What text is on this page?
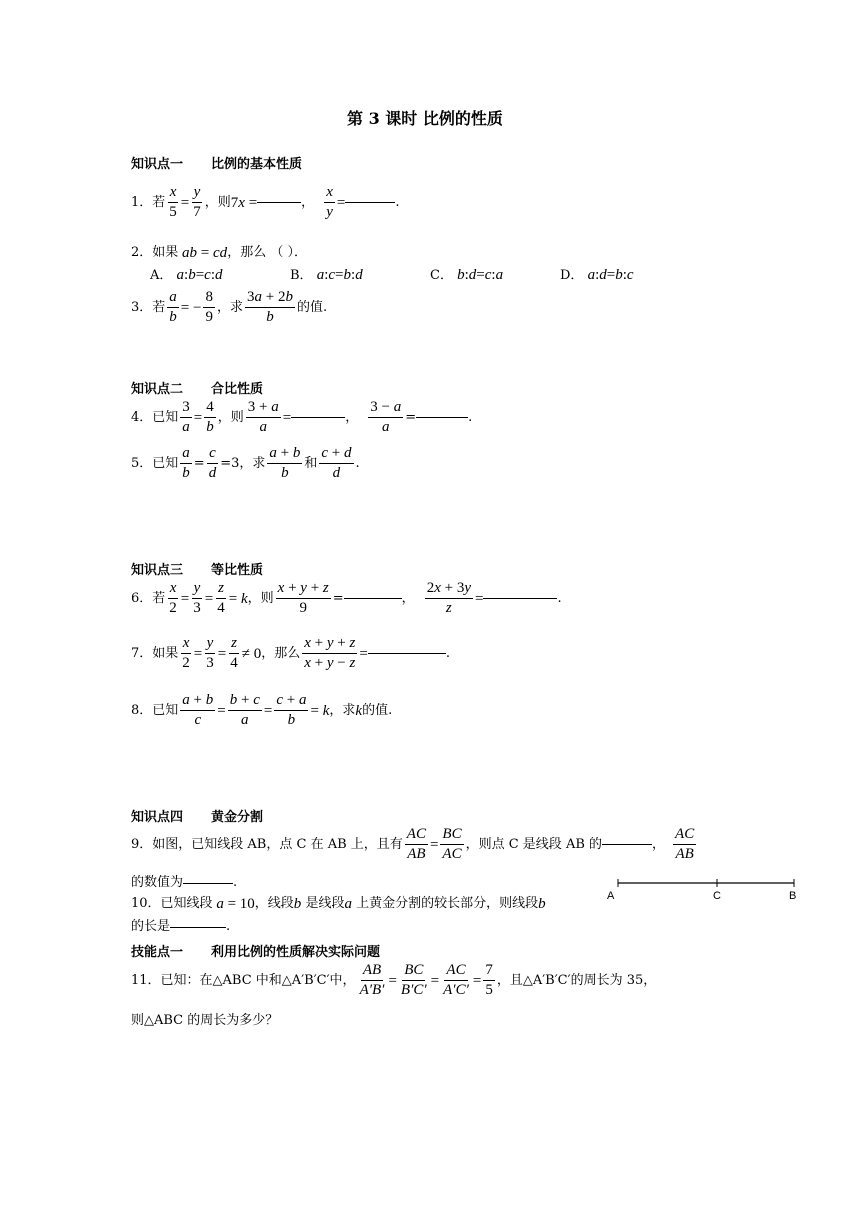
第 3 课时 比例的性质
知识点一 比例的基本性质
1． 若 $\frac{x}{5} = \frac{y}{7}$ ，则 7 x =	， $\frac{x}{y}$ =	.
2． 如果 ab = cd ，那么 （ ）．
A． a:b=c:d	B． a:c=b:d	C． b:d=c:a	D． a:d=b:c
3． 若 $\frac{a}{b}$ = − $\frac{8}{9}$ ，求 $\frac{3a + 2b}{b}$ 的值.
知识点二 合比性质
4． 已知 $\frac{3}{a} = \frac{4}{b}$ ，则 $\frac{3 + a}{a}$ =	， $\frac{3 - a}{a}$ =	.
5． 已知 $\frac{a}{b} = \frac{c}{d} =3$，求 $\frac{a + b}{b}$ 和 $\frac{c + d}{d}$ .
知识点三 等比性质
6． 若 $\frac{x}{2} = \frac{y}{3} = \frac{z}{4} = k$ ，则 $\frac{x + y + z}{9}$ =	， $\frac{2x + 3y}{z}$ =	.
7． 如果 $\frac{x}{2} = \frac{y}{3} = \frac{z}{4} \ne 0$ ，那么 $\frac{x + y + z}{x + y - z}$ =	.
8． 已知 $\frac{a + b}{c} = \frac{b + c}{a} = \frac{c + a}{b} = k$ ，求 k 的值.
知识点四 黄金分割
9． 如图，已知线段 AB，点 C 在 AB 上，且有 $\frac{AC}{AB} = \frac{BC}{AC}$ ，则点 C 是线段 AB 的	， $\frac{AC}{AB}$
的数值为	.
A	C	B
10． 已知线段 a = 10 ，线段 b
是线段 a
上黄金分割的较长部分，则线段 b
的长是	.
技能点一 利用比例的性质解决实际问题
11． 已知：在△ABC 中和△A′B′C′中， $\frac{AB}{A'B'} = \frac{BC}{B'C'} = \frac{AC}{A'C'} = \frac{7}{5}$ ，且△A′B′C′的周长为 35，
则△ABC 的周长为多少？
